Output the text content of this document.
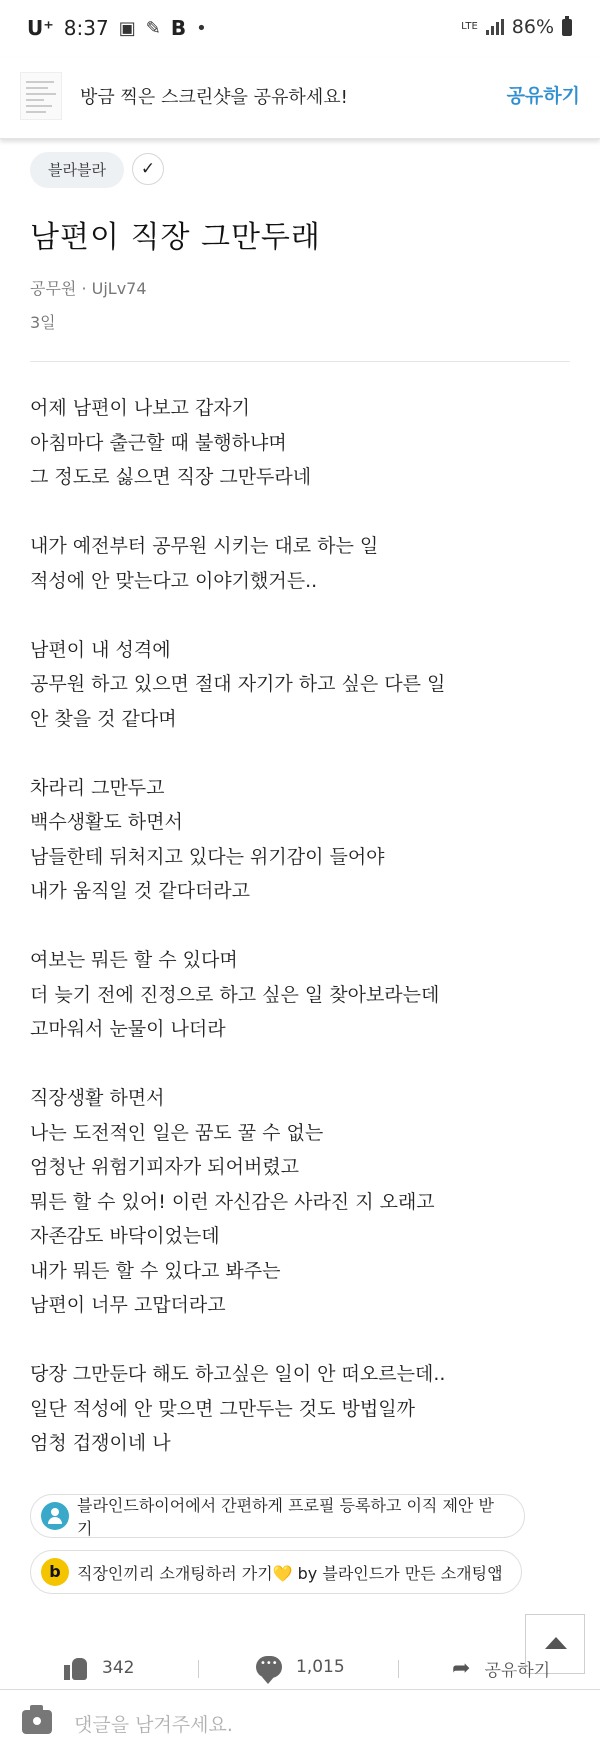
U⁺ 8:37 ▣ ✎ B •	LTE 86%
방금 찍은 스크린샷을 공유하세요!	공유하기
블라블라	✓
남편이 직장 그만두래
공무원 · UjLv74
3일

어제 남편이 나보고 갑자기

아침마다 출근할 때 불행하냐며

그 정도로 싫으면 직장 그만두라네

내가 예전부터 공무원 시키는 대로 하는 일

적성에 안 맞는다고 이야기했거든..

남편이 내 성격에

공무원 하고 있으면 절대 자기가 하고 싶은 다른 일

안 찾을 것 같다며

차라리 그만두고

백수생활도 하면서

남들한테 뒤처지고 있다는 위기감이 들어야

내가 움직일 것 같다더라고

여보는 뭐든 할 수 있다며

더 늦기 전에 진정으로 하고 싶은 일 찾아보라는데

고마워서 눈물이 나더라

직장생활 하면서

나는 도전적인 일은 꿈도 꿀 수 없는

엄청난 위험기피자가 되어버렸고

뭐든 할 수 있어! 이런 자신감은 사라진 지 오래고

자존감도 바닥이었는데

내가 뭐든 할 수 있다고 봐주는

남편이 너무 고맙더라고

당장 그만둔다 해도 하고싶은 일이 안 떠오르는데..

일단 적성에 안 맞으면 그만두는 것도 방법일까

엄청 겁쟁이네 나

블라인드하이어에서 간편하게 프로필 등록하고 이직 제안 받기
b	직장인끼리 소개팅하러 가기💛 by 블라인드가 만든 소개팅앱
342
•••	1,015	➦ 공유하기
댓글을 남겨주세요.
